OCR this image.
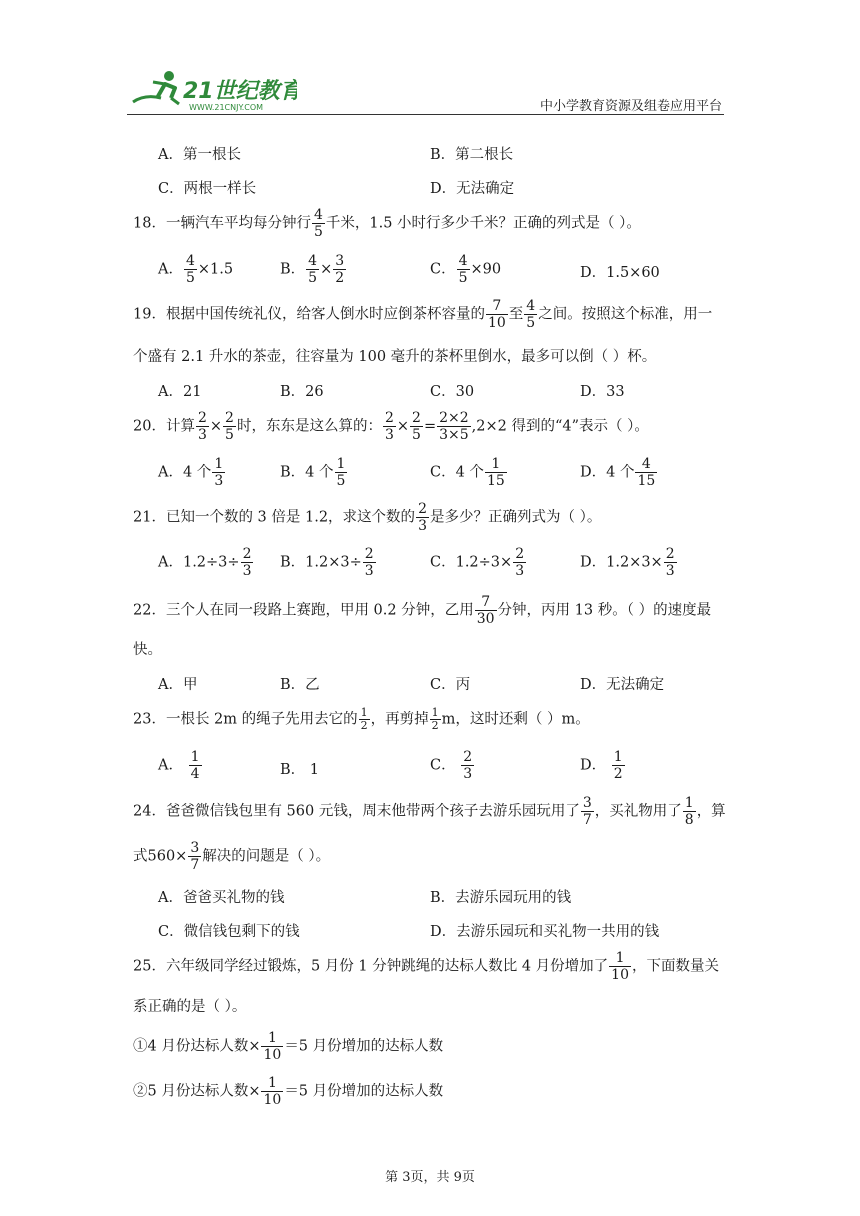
21世纪教育
WWW.21CNJY.COM	中小学教育资源及组卷应用平台
A．第一根长	B．第二根长
C．两根一样长	D．无法确定
18．一辆汽车平均每分钟行 $\frac{4}{5}$ 千米，1.5 小时行多少千米？正确的列式是（ ）。
A． $\frac{4}{5} \times 1.5$	B． $\frac{4}{5} \times \frac{3}{2}$	C． $\frac{4}{5} \times 90$	D．1.5×60
19．根据中国传统礼仪，给客人倒水时应倒茶杯容量的 $\frac{7}{10}$ 至 $\frac{4}{5}$ 之间。按照这个标准，用一
个盛有 2.1 升水的茶壶，往容量为 100 毫升的茶杯里倒水，最多可以倒（ ）杯。
A．21	B．26	C．30	D．33
20．计算 $\frac{2}{3} \times \frac{2}{5}$ 时，东东是这么算的： $\frac{2}{3} \times \frac{2}{5} = \frac{2\times 2}{3\times 5} ,2\times 2$ 得到的“4”表示（ ）。
A．4 个 $\frac{1}{3}$	B．4 个 $\frac{1}{5}$	C．4 个 $\frac{1}{15}$	D．4 个 $\frac{4}{15}$
21．已知一个数的 3 倍是 1.2，求这个数的 $\frac{2}{3}$ 是多少？正确列式为（ ）。
A．$1.2\div 3\div \frac{2}{3}$ B．$1.2\times 3\div \frac{2}{3}$	C．$1.2\div 3\times \frac{2}{3}$	D．$1.2\times 3\times \frac{2}{3}$
22．三个人在同一段路上赛跑，甲用 0.2 分钟，乙用 $\frac{7}{30}$ 分钟，丙用 13 秒。（ ）的速度最
快。
A．甲	B．乙	C．丙	D．无法确定
23．一根长 2m 的绳子先用去它的 $\frac{1}{2}$ ，再剪掉 $\frac{1}{2}$ m，这时还剩（ ）m。
A． $\frac{1}{4}$	B． 1	C． $\frac{2}{3}$	D． $\frac{1}{2}$
24．爸爸微信钱包里有 560 元钱，周末他带两个孩子去游乐园玩用了 $\frac{3}{7}$ ，买礼物用了 $\frac{1}{8}$ ，算
式$560\times \frac{3}{7}$ 解决的问题是（ ）。
A．爸爸买礼物的钱	B．去游乐园玩用的钱
C．微信钱包剩下的钱	D．去游乐园玩和买礼物一共用的钱
25．六年级同学经过锻炼，5 月份 1 分钟跳绳的达标人数比 4 月份增加了 $\frac{1}{10}$ ，下面数量关
系正确的是（ ）。
①4 月份达标人数× $\frac{1}{10} =5$ 月份增加的达标人数
②5 月份达标人数× $\frac{1}{10} =5$ 月份增加的达标人数
第 3页，共 9页
